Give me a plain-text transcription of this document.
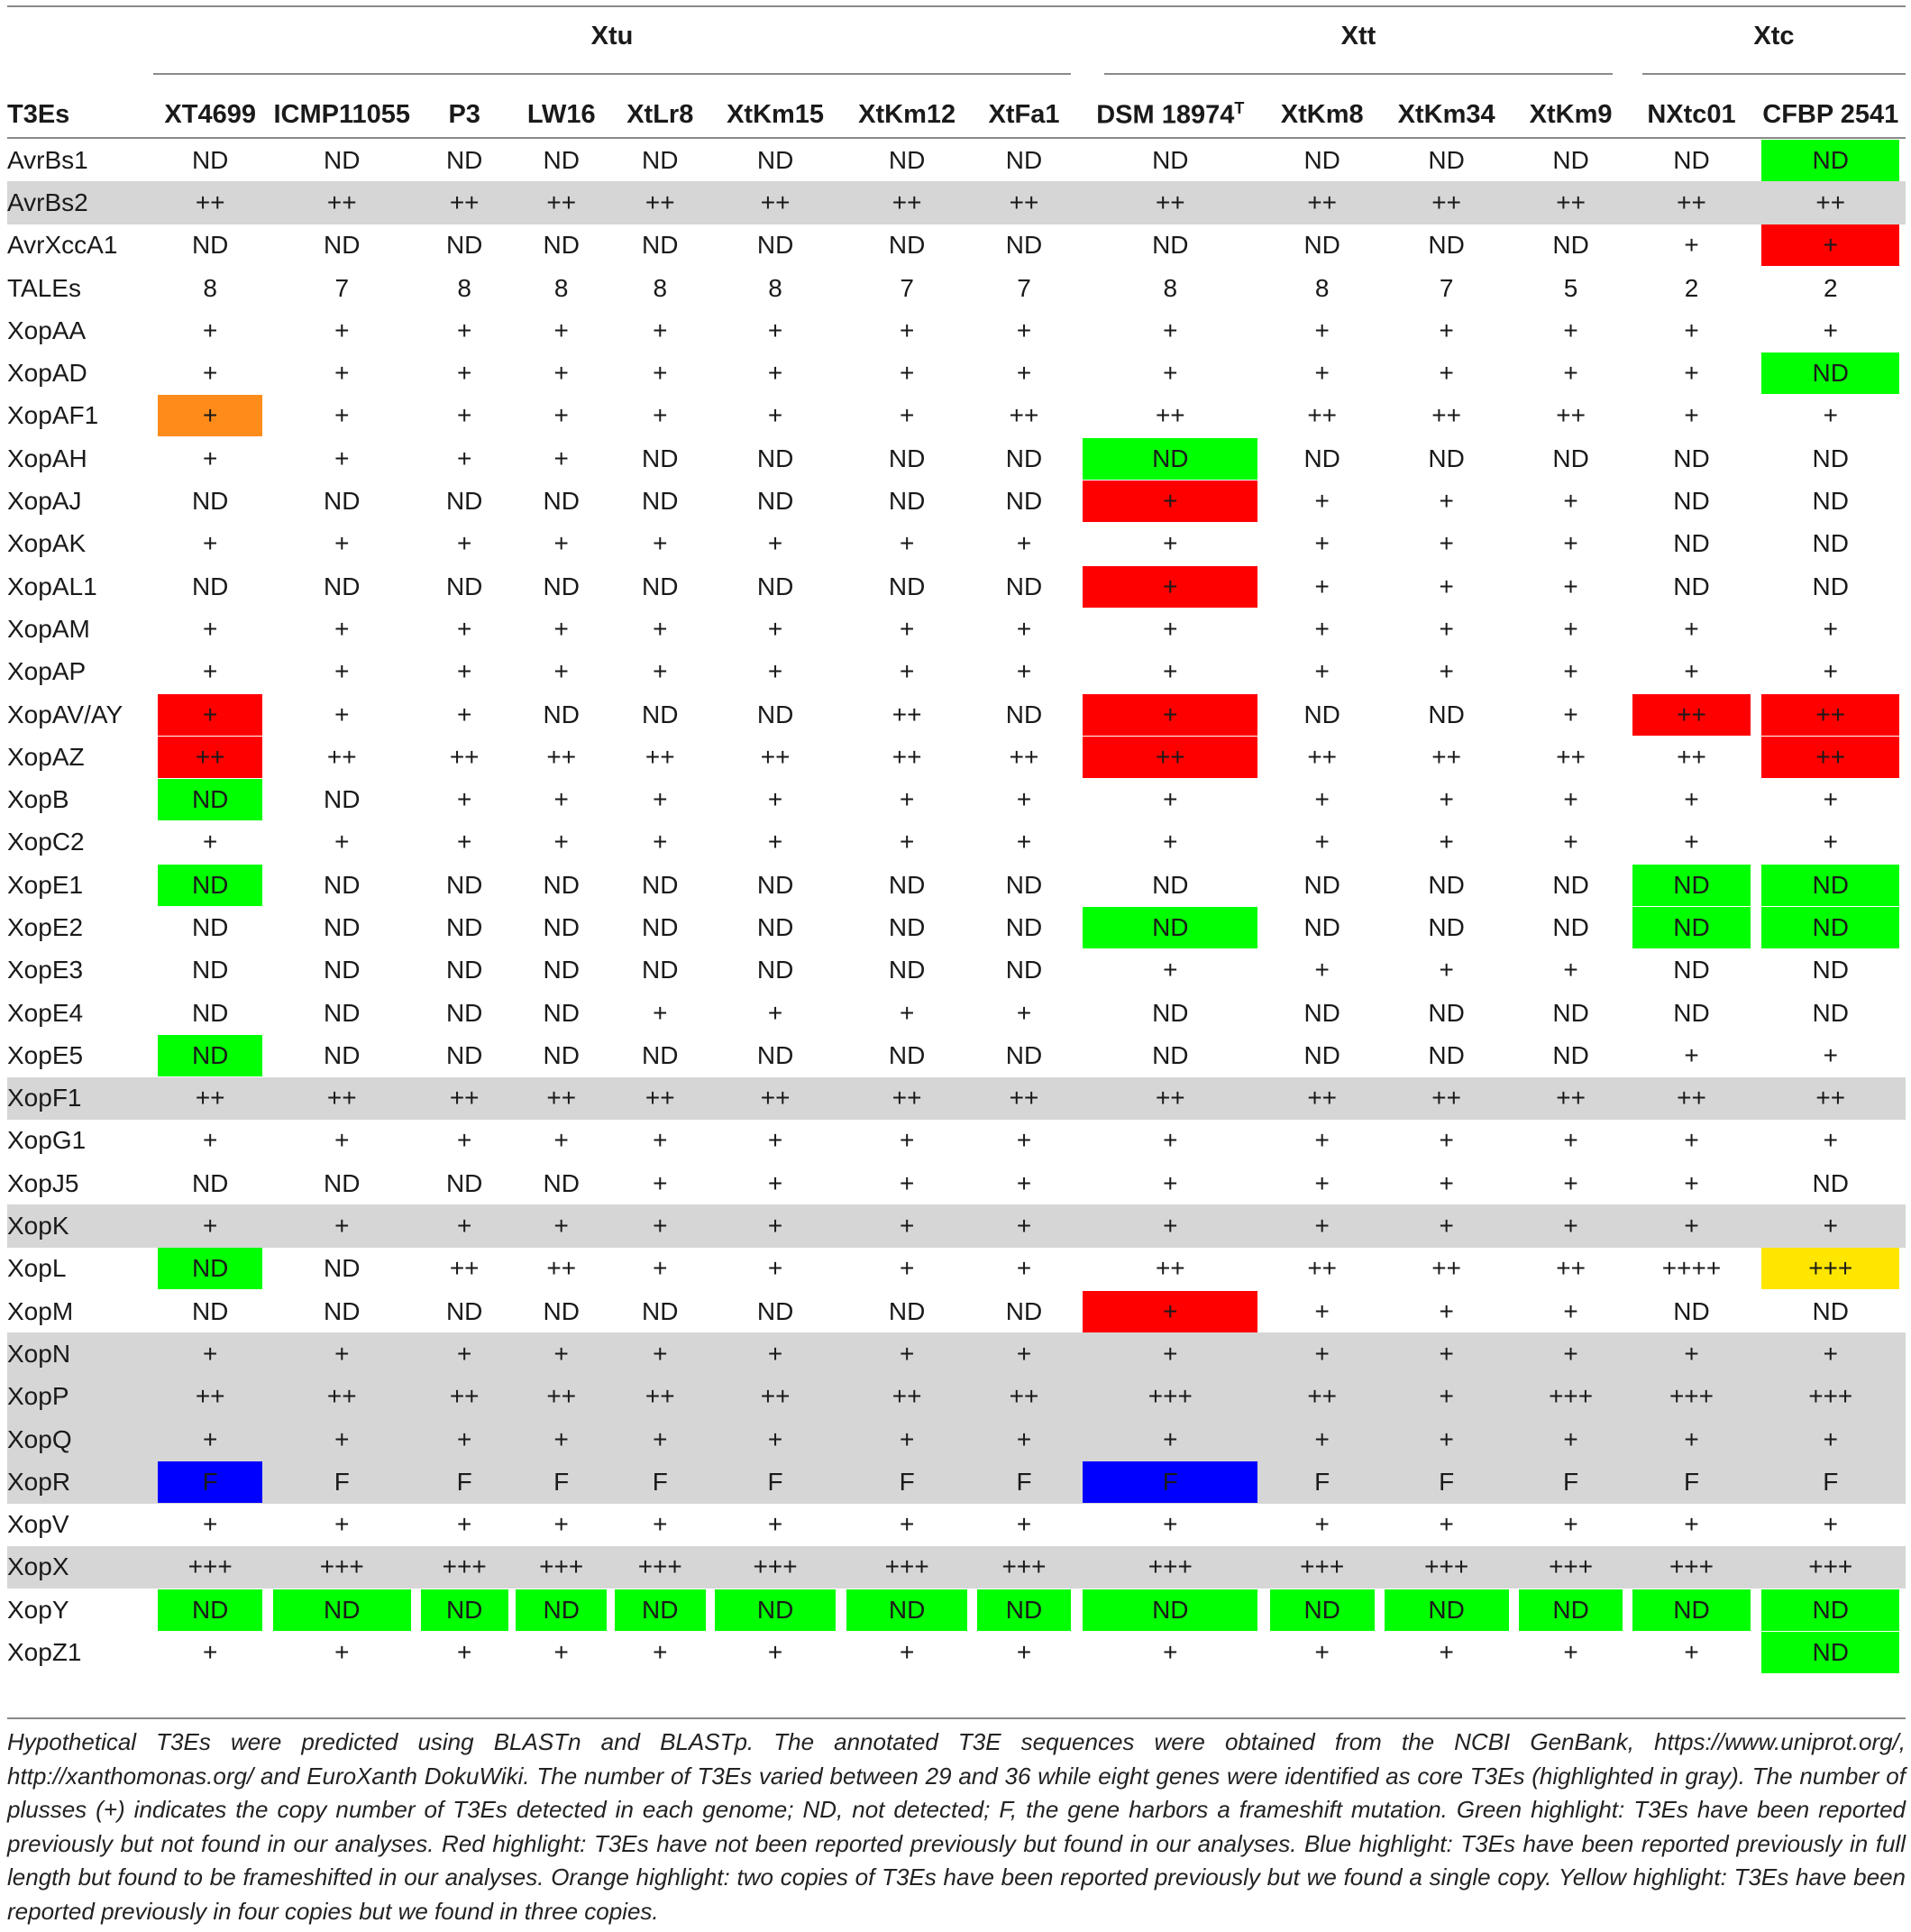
Xtu	Xtt	Xtc
T3Es	XT4699	ICMP11055	P3	LW16	XtLr8	XtKm15	XtKm12	XtFa1	DSM $18974^T$	XtKm8	XtKm34	XtKm9	NXtc01	CFBP 2541
AvrBs1	ND	ND	ND	ND	ND	ND	ND	ND	ND	ND	ND	ND	ND	ND
AvrBs2	++	++	++	++	++	++	++	++	++	++	++	++	++	++
AvrXccA1	ND	ND	ND	ND	ND	ND	ND	ND	ND	ND	ND	ND	+	+
TALEs	8	7	8	8	8	8	7	7	8	8	7	5	2	2
XopAA	+	+	+	+	+	+	+	+	+	+	+	+	+	+
XopAD	+	+	+	+	+	+	+	+	+	+	+	+	+	ND
XopAF1	+	+	+	+	+	+	+	++	++	++	++	++	+	+
XopAH	+	+	+	+	ND	ND	ND	ND	ND	ND	ND	ND	ND	ND
XopAJ	ND	ND	ND	ND	ND	ND	ND	ND	+	+	+	+	ND	ND
XopAK	+	+	+	+	+	+	+	+	+	+	+	+	ND	ND
XopAL1	ND	ND	ND	ND	ND	ND	ND	ND	+	+	+	+	ND	ND
XopAM	+	+	+	+	+	+	+	+	+	+	+	+	+	+
XopAP	+	+	+	+	+	+	+	+	+	+	+	+	+	+
XopAV/AY	+	+	+	ND	ND	ND	++	ND	+	ND	ND	+	++	++
XopAZ	++	++	++	++	++	++	++	++	++	++	++	++	++	++
XopB	ND	ND	+	+	+	+	+	+	+	+	+	+	+	+
XopC2	+	+	+	+	+	+	+	+	+	+	+	+	+	+
XopE1	ND	ND	ND	ND	ND	ND	ND	ND	ND	ND	ND	ND	ND	ND
XopE2	ND	ND	ND	ND	ND	ND	ND	ND	ND	ND	ND	ND	ND	ND
XopE3	ND	ND	ND	ND	ND	ND	ND	ND	+	+	+	+	ND	ND
XopE4	ND	ND	ND	ND	+	+	+	+	ND	ND	ND	ND	ND	ND
XopE5	ND	ND	ND	ND	ND	ND	ND	ND	ND	ND	ND	ND	+	+
XopF1	++	++	++	++	++	++	++	++	++	++	++	++	++	++
XopG1	+	+	+	+	+	+	+	+	+	+	+	+	+	+
XopJ5	ND	ND	ND	ND	+	+	+	+	+	+	+	+	+	ND
XopK	+	+	+	+	+	+	+	+	+	+	+	+	+	+
XopL	ND	ND	++	++	+	+	+	+	++	++	++	++	++++	+++
XopM	ND	ND	ND	ND	ND	ND	ND	ND	+	+	+	+	ND	ND
XopN	+	+	+	+	+	+	+	+	+	+	+	+	+	+
XopP	++	++	++	++	++	++	++	++	+++	++	+	+++	+++	+++
XopQ	+	+	+	+	+	+	+	+	+	+	+	+	+	+
XopR	F	F	F	F	F	F	F	F	F	F	F	F	F	F
XopV	+	+	+	+	+	+	+	+	+	+	+	+	+	+
XopX	+++	+++	+++	+++	+++	+++	+++	+++	+++	+++	+++	+++	+++	+++
XopY	ND	ND	ND	ND	ND	ND	ND	ND	ND	ND	ND	ND	ND	ND
XopZ1	+	+	+	+	+	+	+	+	+	+	+	+	+	ND
Hypothetical T3Es were predicted using BLASTn and BLASTp. The annotated T3E sequences were obtained from the NCBI GenBank, https://www.uniprot.org/, http://xanthomonas.org/ and EuroXanth DokuWiki. The number of T3Es varied between 29 and 36 while eight genes were identified as core T3Es (highlighted in gray). The number of plusses (+) indicates the copy number of T3Es detected in each genome; ND, not detected; F, the gene harbors a frameshift mutation. Green highlight: T3Es have been reported previously but not found in our analyses. Red highlight: T3Es have not been reported previously but found in our analyses. Blue highlight: T3Es have been reported previously in full length but found to be frameshifted in our analyses. Orange highlight: two copies of T3Es have been reported previously but we found a single copy. Yellow highlight: T3Es have been reported previously in four copies but we found in three copies.
